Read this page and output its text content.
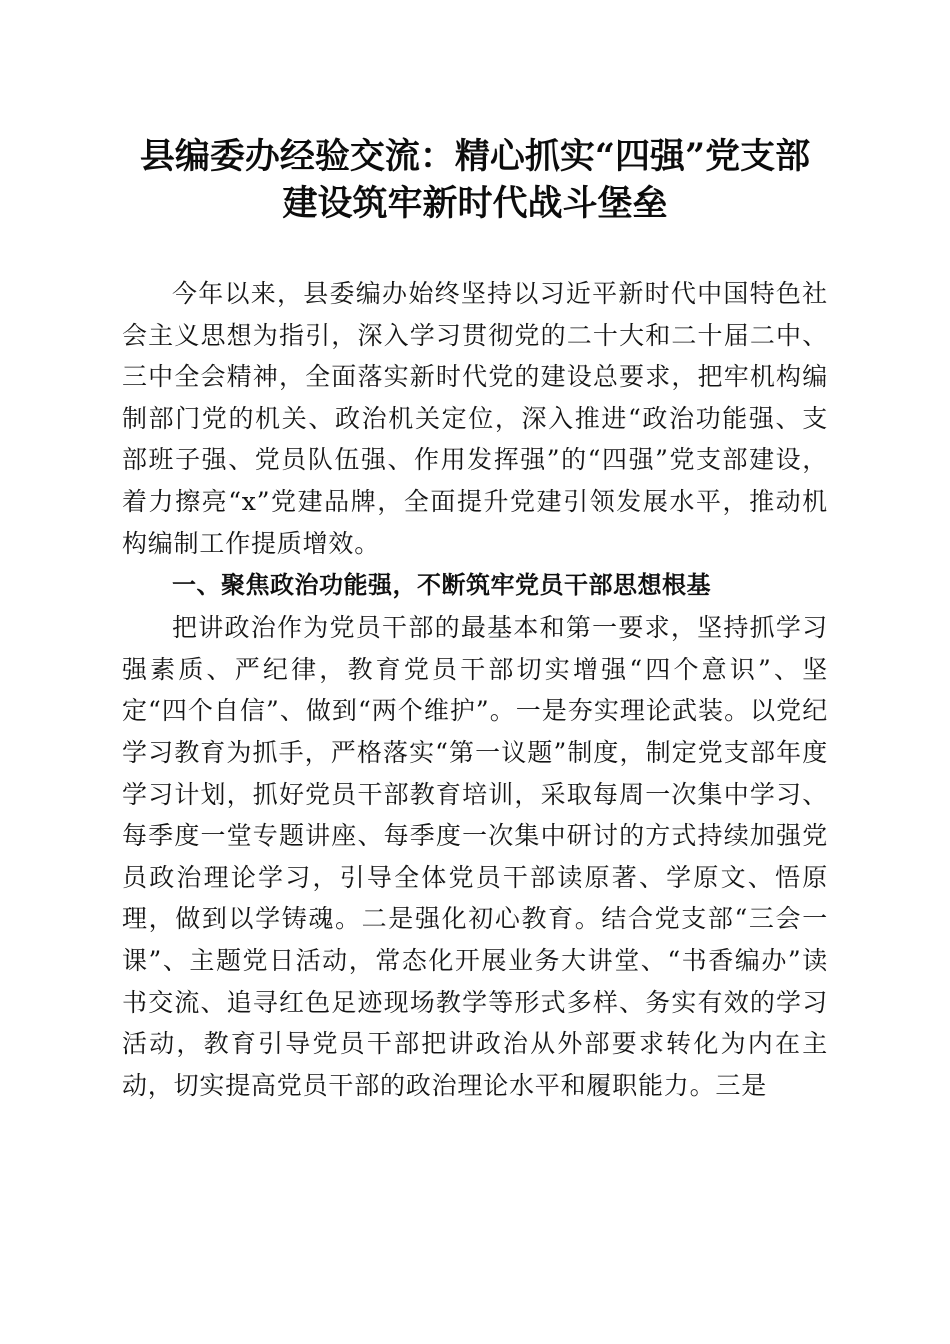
县编委办经验交流：精心抓实“四强”党支部
建设筑牢新时代战斗堡垒

今年以来，县委编办始终坚持以习近平新时代中国特色社会主义思想为指引，深入学习贯彻党的二十大和二十届二中、三中全会精神，全面落实新时代党的建设总要求，把牢机构编制部门党的机关、政治机关定位，深入推进“政治功能强、支部班子强、党员队伍强、作用发挥强”的“四强”党支部建设，着力擦亮“x”党建品牌，全面提升党建引领发展水平，推动机构编制工作提质增效。

一、聚焦政治功能强，不断筑牢党员干部思想根基

把讲政治作为党员干部的最基本和第一要求，坚持抓学习强素质、严纪律，教育党员干部切实增强“四个意识”、坚定“四个自信”、做到“两个维护”。一是夯实理论武装。以党纪学习教育为抓手，严格落实“第一议题”制度，制定党支部年度学习计划，抓好党员干部教育培训，采取每周一次集中学习、每季度一堂专题讲座、每季度一次集中研讨的方式持续加强党员政治理论学习，引导全体党员干部读原著、学原文、悟原理，做到以学铸魂。二是强化初心教育。结合党支部“三会一课”、主题党日活动，常态化开展业务大讲堂、“书香编办”读书交流、追寻红色足迹现场教学等形式多样、务实有效的学习活动，教育引导党员干部把讲政治从外部要求转化为内在主动，切实提高党员干部的政治理论水平和履职能力。三是
